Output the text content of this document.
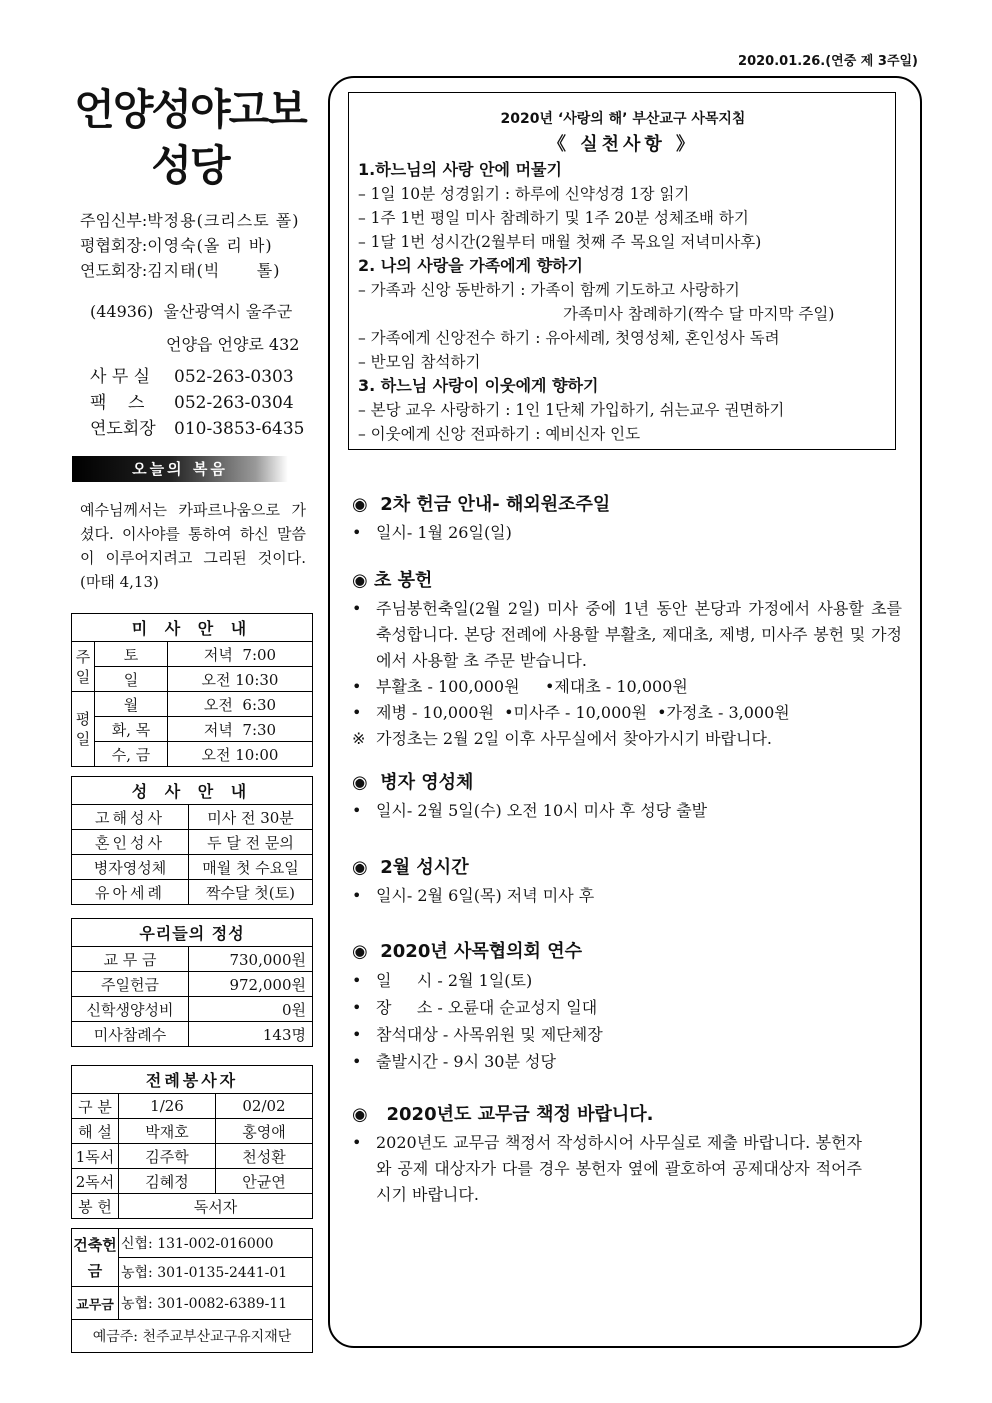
2020.01.26.(연중 제 3주일)
언양성야고보
성당
주임신부: 박정용(크리스토 폴)
평협회장: 이영숙(올 리 바)
연도회장: 김지태(빅      톨)
(44936)  울산광역시 울주군
언양읍 언양로 432
사 무 실	052-263-0303
팩    스	052-263-0304
연도회장	010-3853-6435
오늘의 복음
예수님께서는 카파르나움으로 가셨다. 이사야를 통하여 하신 말씀이 이루어지려고 그리된 것이다.(마태 4,13)
미 사 안 내		
주일	토	저녁  7:00
	일	오전 10:30
평일	월	오전  6:30
	화, 목	저녁  7:30
	수, 금	오전 10:00
성 사 안 내	
고해성사	미사 전 30분
혼인성사	두 달 전 문의
병자영성체	매월 첫 수요일
유아세례	짝수달 첫(토)
우리들의 정성	
교 무 금	730,000원
주일헌금	972,000원
신학생양성비	0원
미사참례수	143명
전례봉사자		
구 분	1/26	02/02
해 설	박재호	홍영애
1독서	김주학	천성환
2독서	김혜정	안균연
봉 헌	독서자	
건축헌금	신협: 131-002-016000
	농협: 301-0135-2441-01
교무금	농협: 301-0082-6389-11
예금주: 천주교부산교구유지재단	
2020년 ‘사랑의 해’ 부산교구 사목지침
《 실천사항 》
1.하느님의 사랑 안에 머물기
– 1일 10분 성경읽기 : 하루에 신약성경 1장 읽기
– 1주 1번 평일 미사 참례하기 및 1주 20분 성체조배 하기
– 1달 1번 성시간(2월부터 매월 첫째 주 목요일 저녁미사후)
2. 나의 사랑을 가족에게 향하기
– 가족과 신앙 동반하기 : 가족이 함께 기도하고 사랑하기
가족미사 참례하기(짝수 달 마지막 주일)
– 가족에게 신앙전수 하기 : 유아세례, 첫영성체, 혼인성사 독려
– 반모임 참석하기
3. 하느님 사랑이 이웃에게 향하기
– 본당 교우 사랑하기 : 1인 1단체 가입하기, 쉬는교우 권면하기
– 이웃에게 신앙 전파하기 : 예비신자 인도
◉  2차 헌금 안내- 해외원조주일
• 일시- 1월 26일(일)
◉ 초 봉헌
• 주님봉헌축일(2월 2일) 미사 중에 1년 동안 본당과 가정에서 사용할 초를 축성합니다. 본당 전례에 사용할 부활초, 제대초, 제병, 미사주 봉헌 및 가정에서 사용할 초 주문 받습니다.
• 부활초 - 100,000원     •제대초 - 10,000원
• 제병 - 10,000원  •미사주 - 10,000원  •가정초 - 3,000원
※ 가정초는 2월 2일 이후 사무실에서 찾아가시기 바랍니다.
◉  병자 영성체
• 일시- 2월 5일(수) 오전 10시 미사 후 성당 출발
◉  2월 성시간
• 일시- 2월 6일(목) 저녁 미사 후
◉  2020년 사목협의회 연수
• 일     시 - 2월 1일(토)
• 장     소 - 오륜대 순교성지 일대
• 참석대상 - 사목위원 및 제단체장
• 출발시간 - 9시 30분 성당
◉   2020년도 교무금 책정 바랍니다.
• 2020년도 교무금 책정서 작성하시어 사무실로 제출 바랍니다. 봉헌자와 공제 대상자가 다를 경우 봉헌자 옆에 괄호하여 공제대상자 적어주시기 바랍니다.
